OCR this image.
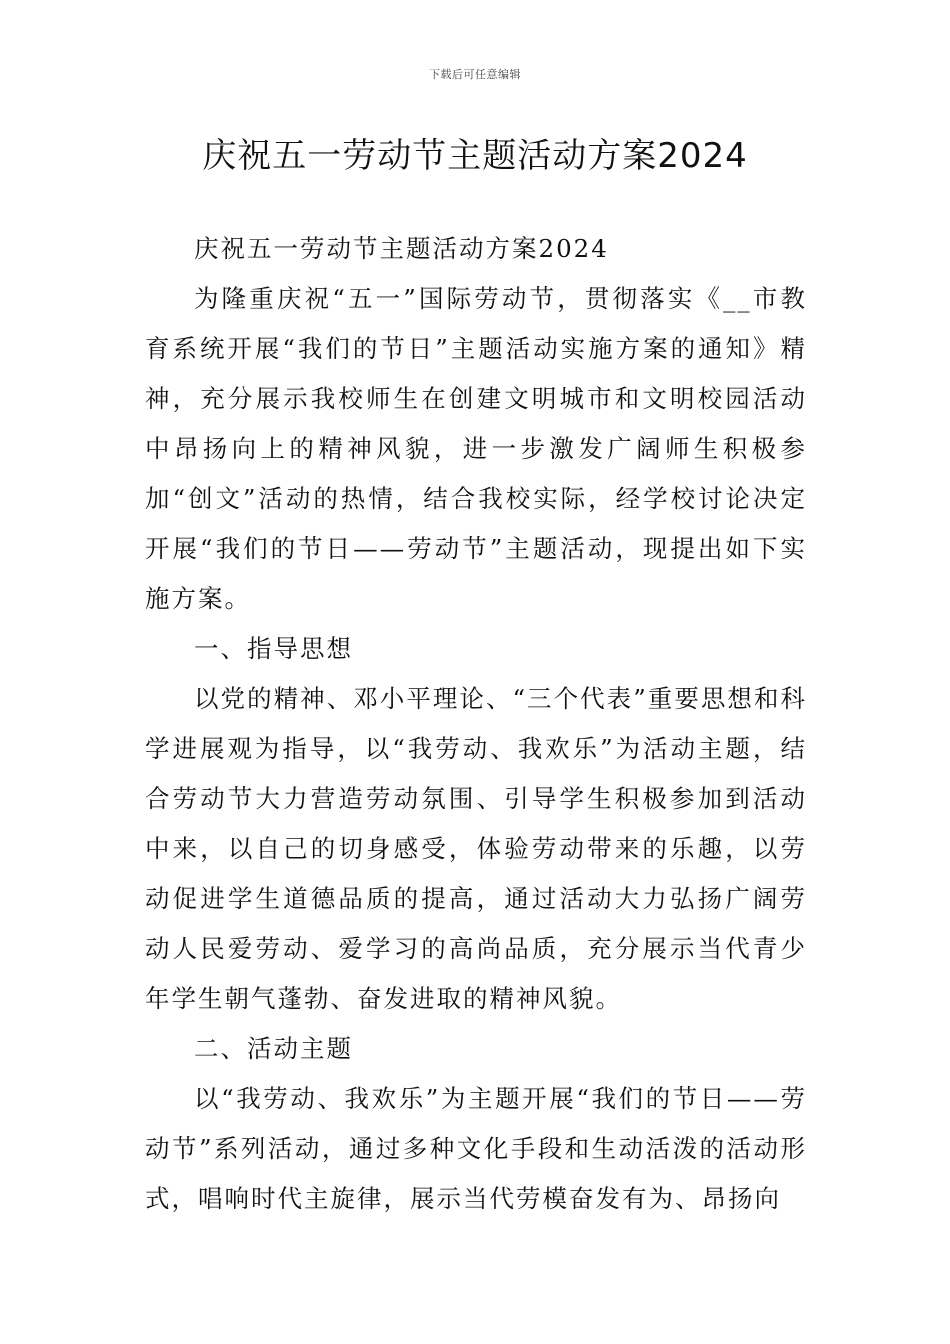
下载后可任意编辑
庆祝五一劳动节主题活动方案2024

庆祝五一劳动节主题活动方案2024

为隆重庆祝“五一”国际劳动节，贯彻落实《__市教育系统开展“我们的节日”主题活动实施方案的通知》精神，充分展示我校师生在创建文明城市和文明校园活动中昂扬向上的精神风貌，进一步激发广阔师生积极参加“创文”活动的热情，结合我校实际，经学校讨论决定开展“我们的节日——劳动节”主题活动，现提出如下实施方案。

一、指导思想

以党的精神、邓小平理论、“三个代表”重要思想和科学进展观为指导，以“我劳动、我欢乐”为活动主题，结合劳动节大力营造劳动氛围、引导学生积极参加到活动中来，以自己的切身感受，体验劳动带来的乐趣，以劳动促进学生道德品质的提高，通过活动大力弘扬广阔劳动人民爱劳动、爱学习的高尚品质，充分展示当代青少年学生朝气蓬勃、奋发进取的精神风貌。

二、活动主题

以“我劳动、我欢乐”为主题开展“我们的节日——劳动节”系列活动，通过多种文化手段和生动活泼的活动形式，唱响时代主旋律，展示当代劳模奋发有为、昂扬向
